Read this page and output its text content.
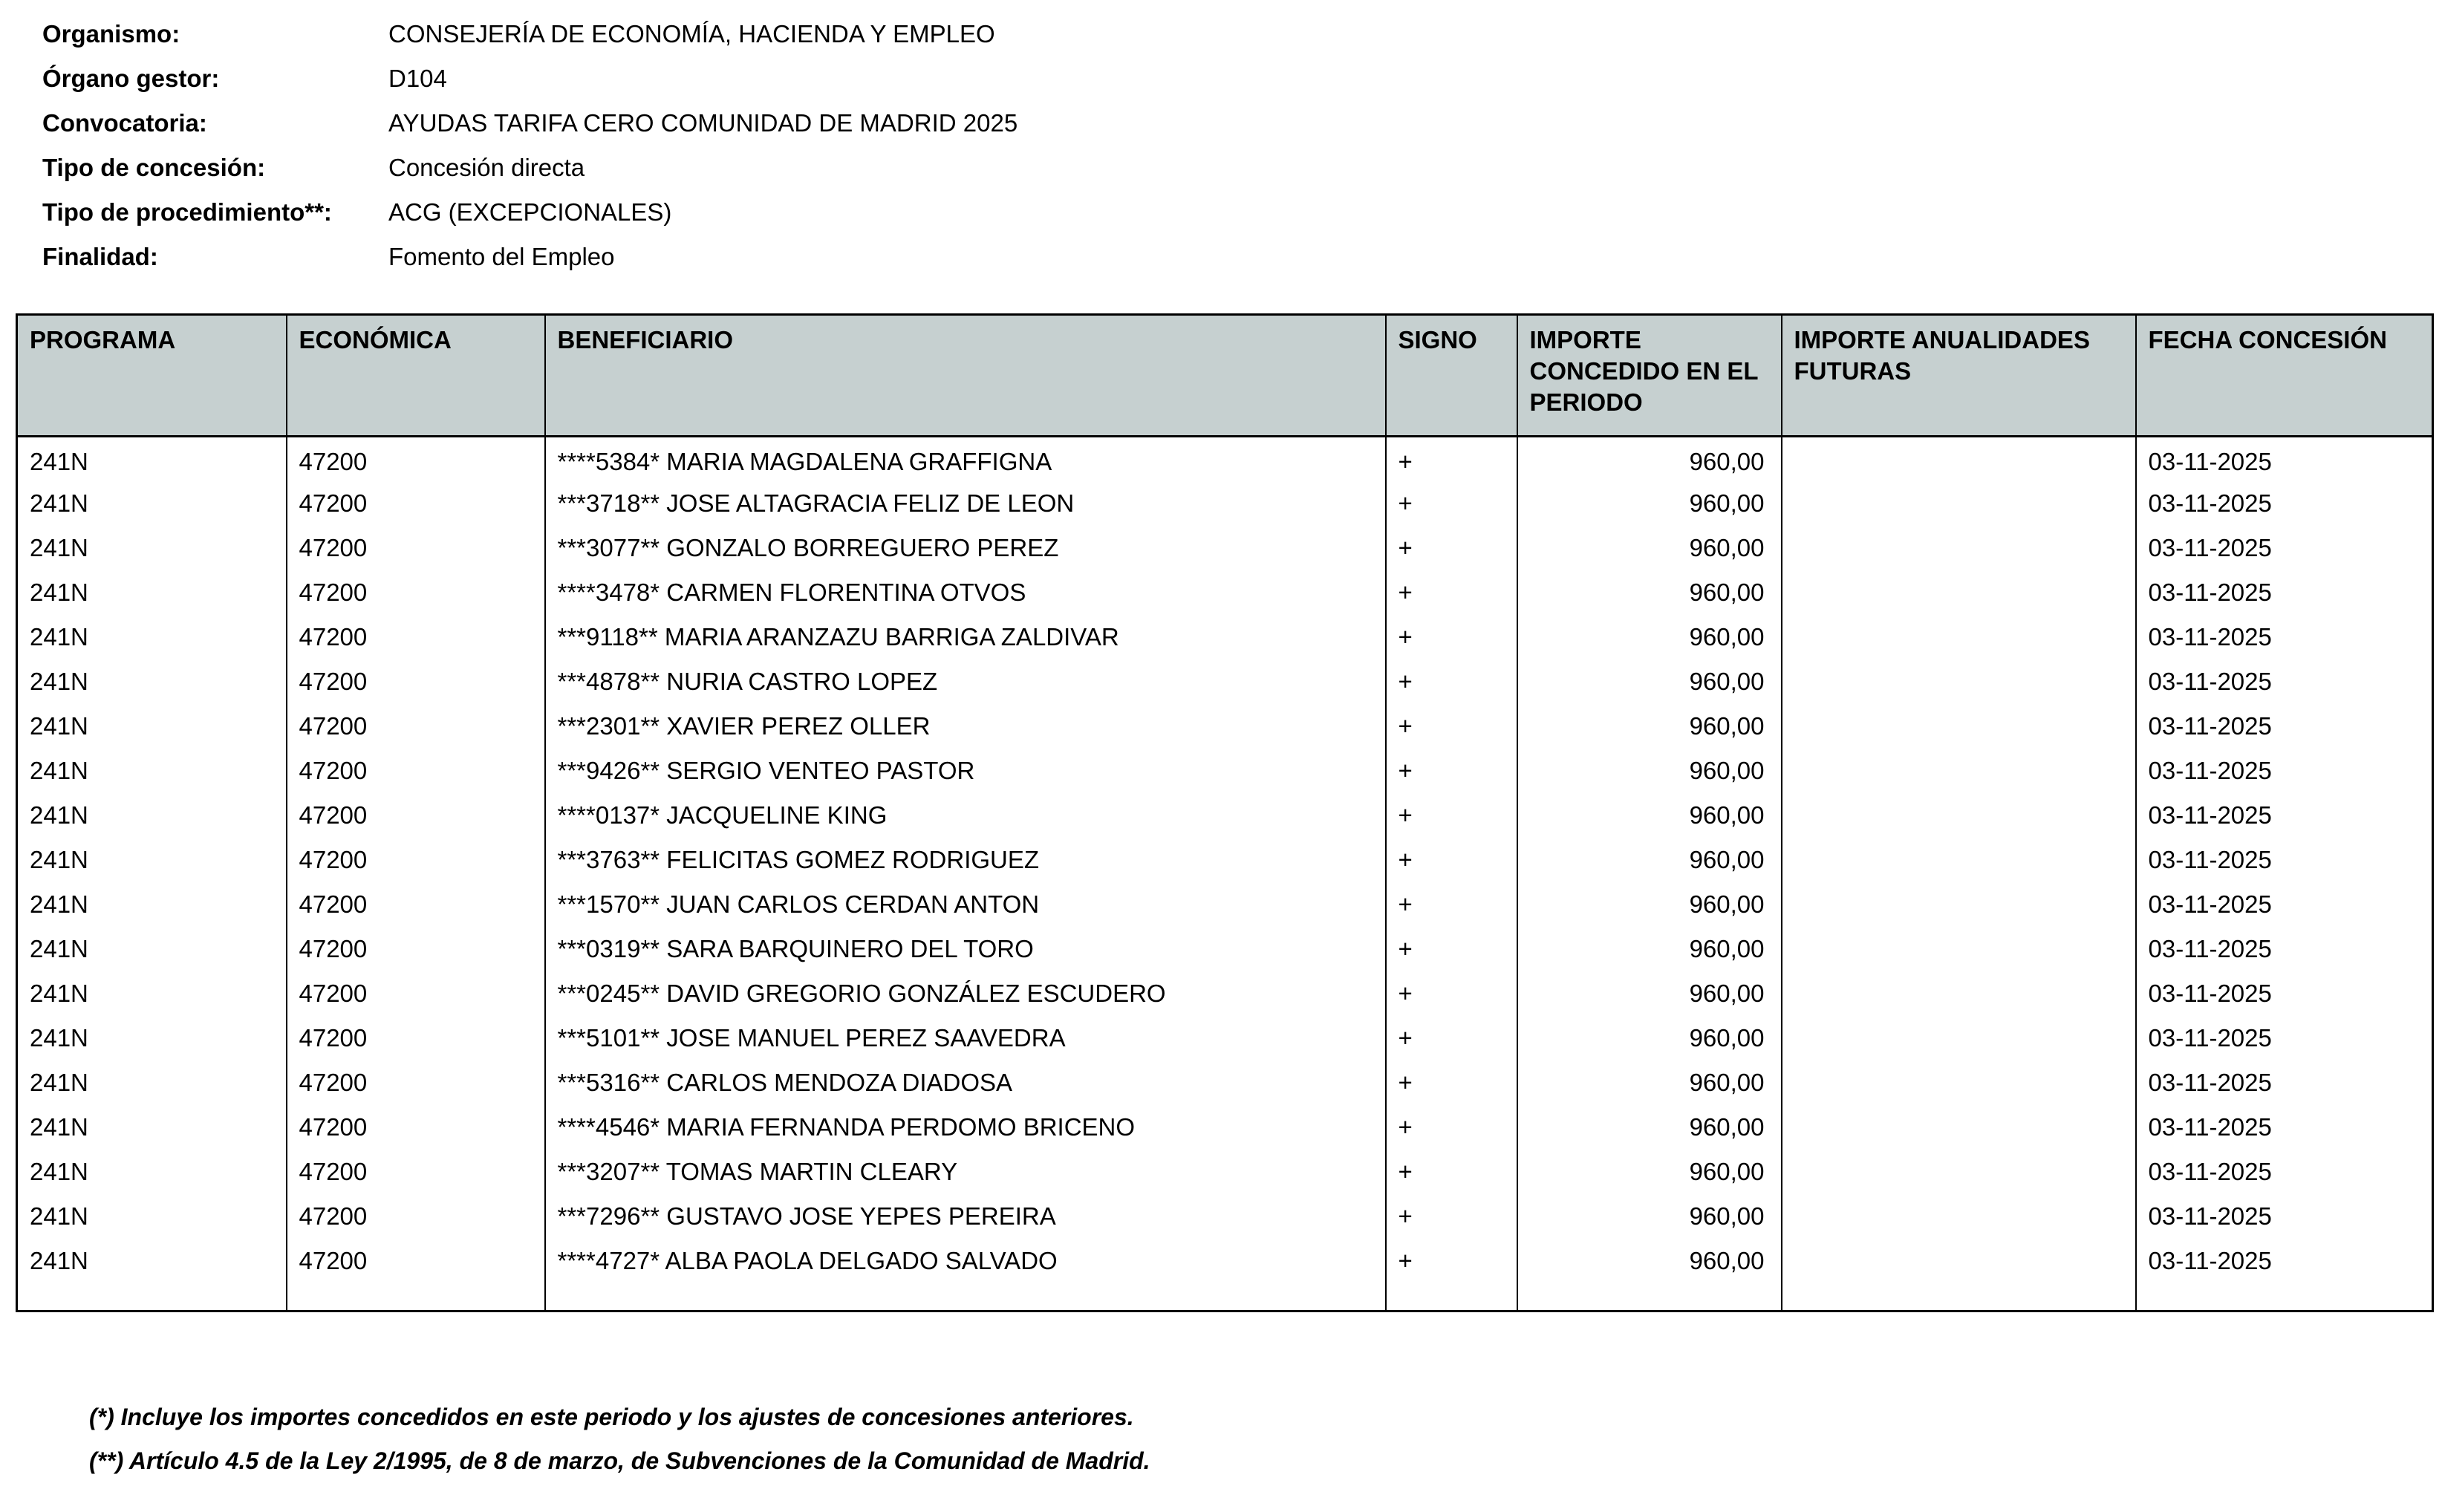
Organismo:	CONSEJERÍA DE ECONOMÍA, HACIENDA Y EMPLEO
Órgano gestor:	D104
Convocatoria:	AYUDAS TARIFA CERO COMUNIDAD DE MADRID 2025
Tipo de concesión:	Concesión directa
Tipo de procedimiento**:	ACG (EXCEPCIONALES)
Finalidad:	Fomento del Empleo
PROGRAMA	ECONÓMICA	BENEFICIARIO	SIGNO	IMPORTE CONCEDIDO EN EL PERIODO	IMPORTE ANUALIDADES FUTURAS	FECHA CONCESIÓN
241N	47200	****5384* MARIA MAGDALENA GRAFFIGNA	+	960,00		03-11-2025
241N	47200	***3718** JOSE ALTAGRACIA FELIZ DE LEON	+	960,00		03-11-2025
241N	47200	***3077** GONZALO BORREGUERO PEREZ	+	960,00		03-11-2025
241N	47200	****3478* CARMEN FLORENTINA OTVOS	+	960,00		03-11-2025
241N	47200	***9118** MARIA ARANZAZU BARRIGA ZALDIVAR	+	960,00		03-11-2025
241N	47200	***4878** NURIA CASTRO LOPEZ	+	960,00		03-11-2025
241N	47200	***2301** XAVIER PEREZ OLLER	+	960,00		03-11-2025
241N	47200	***9426** SERGIO VENTEO PASTOR	+	960,00		03-11-2025
241N	47200	****0137* JACQUELINE KING	+	960,00		03-11-2025
241N	47200	***3763** FELICITAS GOMEZ RODRIGUEZ	+	960,00		03-11-2025
241N	47200	***1570** JUAN CARLOS CERDAN ANTON	+	960,00		03-11-2025
241N	47200	***0319** SARA BARQUINERO DEL TORO	+	960,00		03-11-2025
241N	47200	***0245** DAVID GREGORIO GONZÁLEZ ESCUDERO	+	960,00		03-11-2025
241N	47200	***5101** JOSE MANUEL PEREZ SAAVEDRA	+	960,00		03-11-2025
241N	47200	***5316** CARLOS MENDOZA DIADOSA	+	960,00		03-11-2025
241N	47200	****4546* MARIA FERNANDA PERDOMO BRICENO	+	960,00		03-11-2025
241N	47200	***3207** TOMAS MARTIN CLEARY	+	960,00		03-11-2025
241N	47200	***7296** GUSTAVO JOSE YEPES PEREIRA	+	960,00		03-11-2025
241N	47200	****4727* ALBA PAOLA DELGADO SALVADO	+	960,00		03-11-2025

(*) Incluye los importes concedidos en este periodo y los ajustes de concesiones anteriores.
(**) Artículo 4.5 de la Ley 2/1995, de 8 de marzo, de Subvenciones de la Comunidad de Madrid.
